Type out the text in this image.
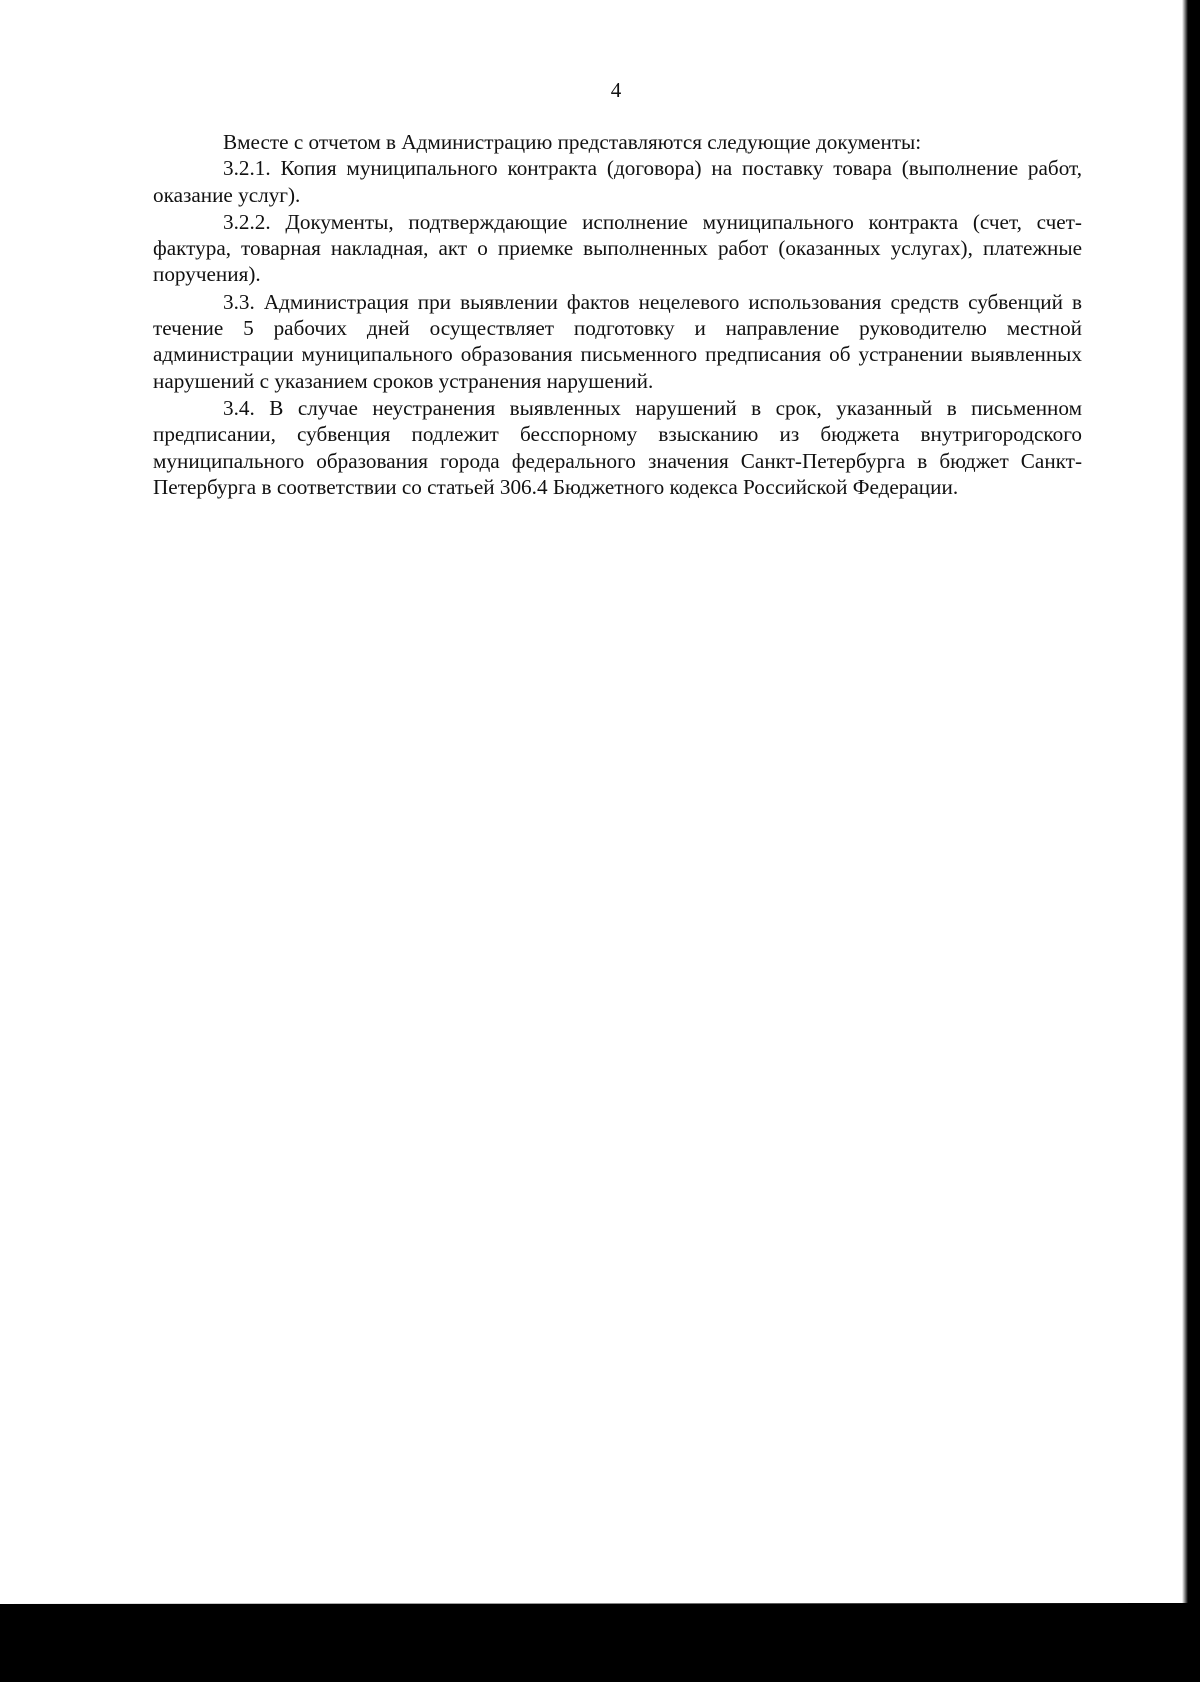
4

Вместе с отчетом в Администрацию представляются следующие документы:

3.2.1. Копия муниципального контракта (договора) на поставку товара (выполнение работ, оказание услуг).

3.2.2. Документы, подтверждающие исполнение муниципального контракта (счет, счет-фактура, товарная накладная, акт о приемке выполненных работ (оказанных услугах), платежные поручения).

3.3. Администрация при выявлении фактов нецелевого использования средств субвенций в течение 5 рабочих дней осуществляет подготовку и направление руководителю местной администрации муниципального образования письменного предписания об устранении выявленных нарушений с указанием сроков устранения нарушений.

3.4. В случае неустранения выявленных нарушений в срок, указанный в письменном предписании, субвенция подлежит бесспорному взысканию из бюджета внутригородского муниципального образования города федерального значения Санкт-Петербурга в бюджет Санкт-Петербурга в соответствии со статьей 306.4 Бюджетного кодекса Российской Федерации.
